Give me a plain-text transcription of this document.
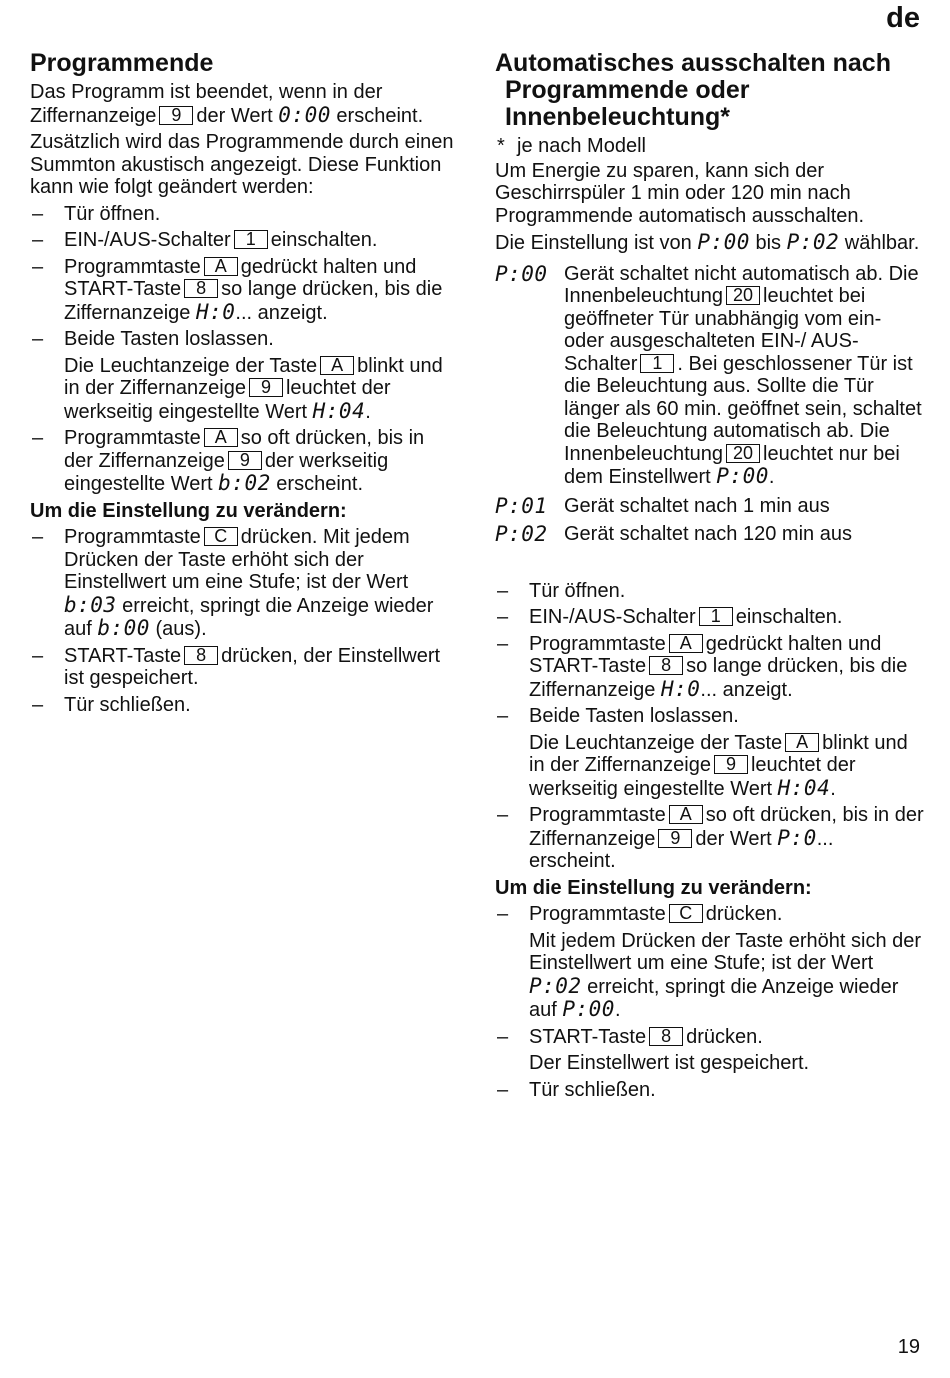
de
Programmende

Das Programm ist beendet, wenn in der Ziffernanzeige 9 der Wert 0:00 erscheint.

Zusätzlich wird das Programmende durch einen Summton akustisch angezeigt. Diese Funktion kann wie folgt geändert werden:

– Tür öffnen.
– EIN-/AUS-Schalter 1 einschalten.
– Programmtaste A gedrückt halten und START-Taste 8 so lange drücken, bis die Ziffernanzeige H:0... anzeigt.
– Beide Tasten loslassen.
Die Leuchtanzeige der Taste A blinkt und in der Ziffernanzeige 9 leuchtet der werkseitig eingestellte Wert H:04.
– Programmtaste A so oft drücken, bis in der Ziffernanzeige 9 der werkseitig eingestellte Wert b:02 erscheint.

Um die Einstellung zu verändern:

– Programmtaste C drücken. Mit jedem Drücken der Taste erhöht sich der Einstellwert um eine Stufe; ist der Wert b:03 erreicht, springt die Anzeige wieder auf b:00 (aus).
– START-Taste 8 drücken, der Einstellwert ist gespeichert.
– Tür schließen.
Automatisches ausschalten nach Programmende oder Innenbeleuchtung*

* je nach Modell

Um Energie zu sparen, kann sich der Geschirrspüler 1 min oder 120 min nach Programmende automatisch ausschalten.

Die Einstellung ist von P:00 bis P:02 wählbar.

P:00 Gerät schaltet nicht automatisch ab. Die Innenbeleuchtung 20 leuchtet bei geöffneter Tür unabhängig vom ein- oder ausgeschalteten EIN-/ AUS-Schalter 1 . Bei geschlossener Tür ist die Beleuchtung aus. Sollte die Tür länger als 60 min. geöffnet sein, schaltet die Beleuchtung automatisch ab. Die Innenbeleuchtung 20 leuchtet nur bei dem Einstellwert P:00.
P:01 Gerät schaltet nach 1 min aus
P:02 Gerät schaltet nach 120 min aus
– Tür öffnen.
– EIN-/AUS-Schalter 1 einschalten.
– Programmtaste A gedrückt halten und START-Taste 8 so lange drücken, bis die Ziffernanzeige H:0... anzeigt.
– Beide Tasten loslassen.
Die Leuchtanzeige der Taste A blinkt und in der Ziffernanzeige 9 leuchtet der werkseitig eingestellte Wert H:04.
– Programmtaste A so oft drücken, bis in der Ziffernanzeige 9 der Wert P:0... erscheint.

Um die Einstellung zu verändern:

– Programmtaste C drücken.
Mit jedem Drücken der Taste erhöht sich der Einstellwert um eine Stufe; ist der Wert P:02 erreicht, springt die Anzeige wieder auf P:00.
– START-Taste 8 drücken.
Der Einstellwert ist gespeichert.
– Tür schließen.
19
